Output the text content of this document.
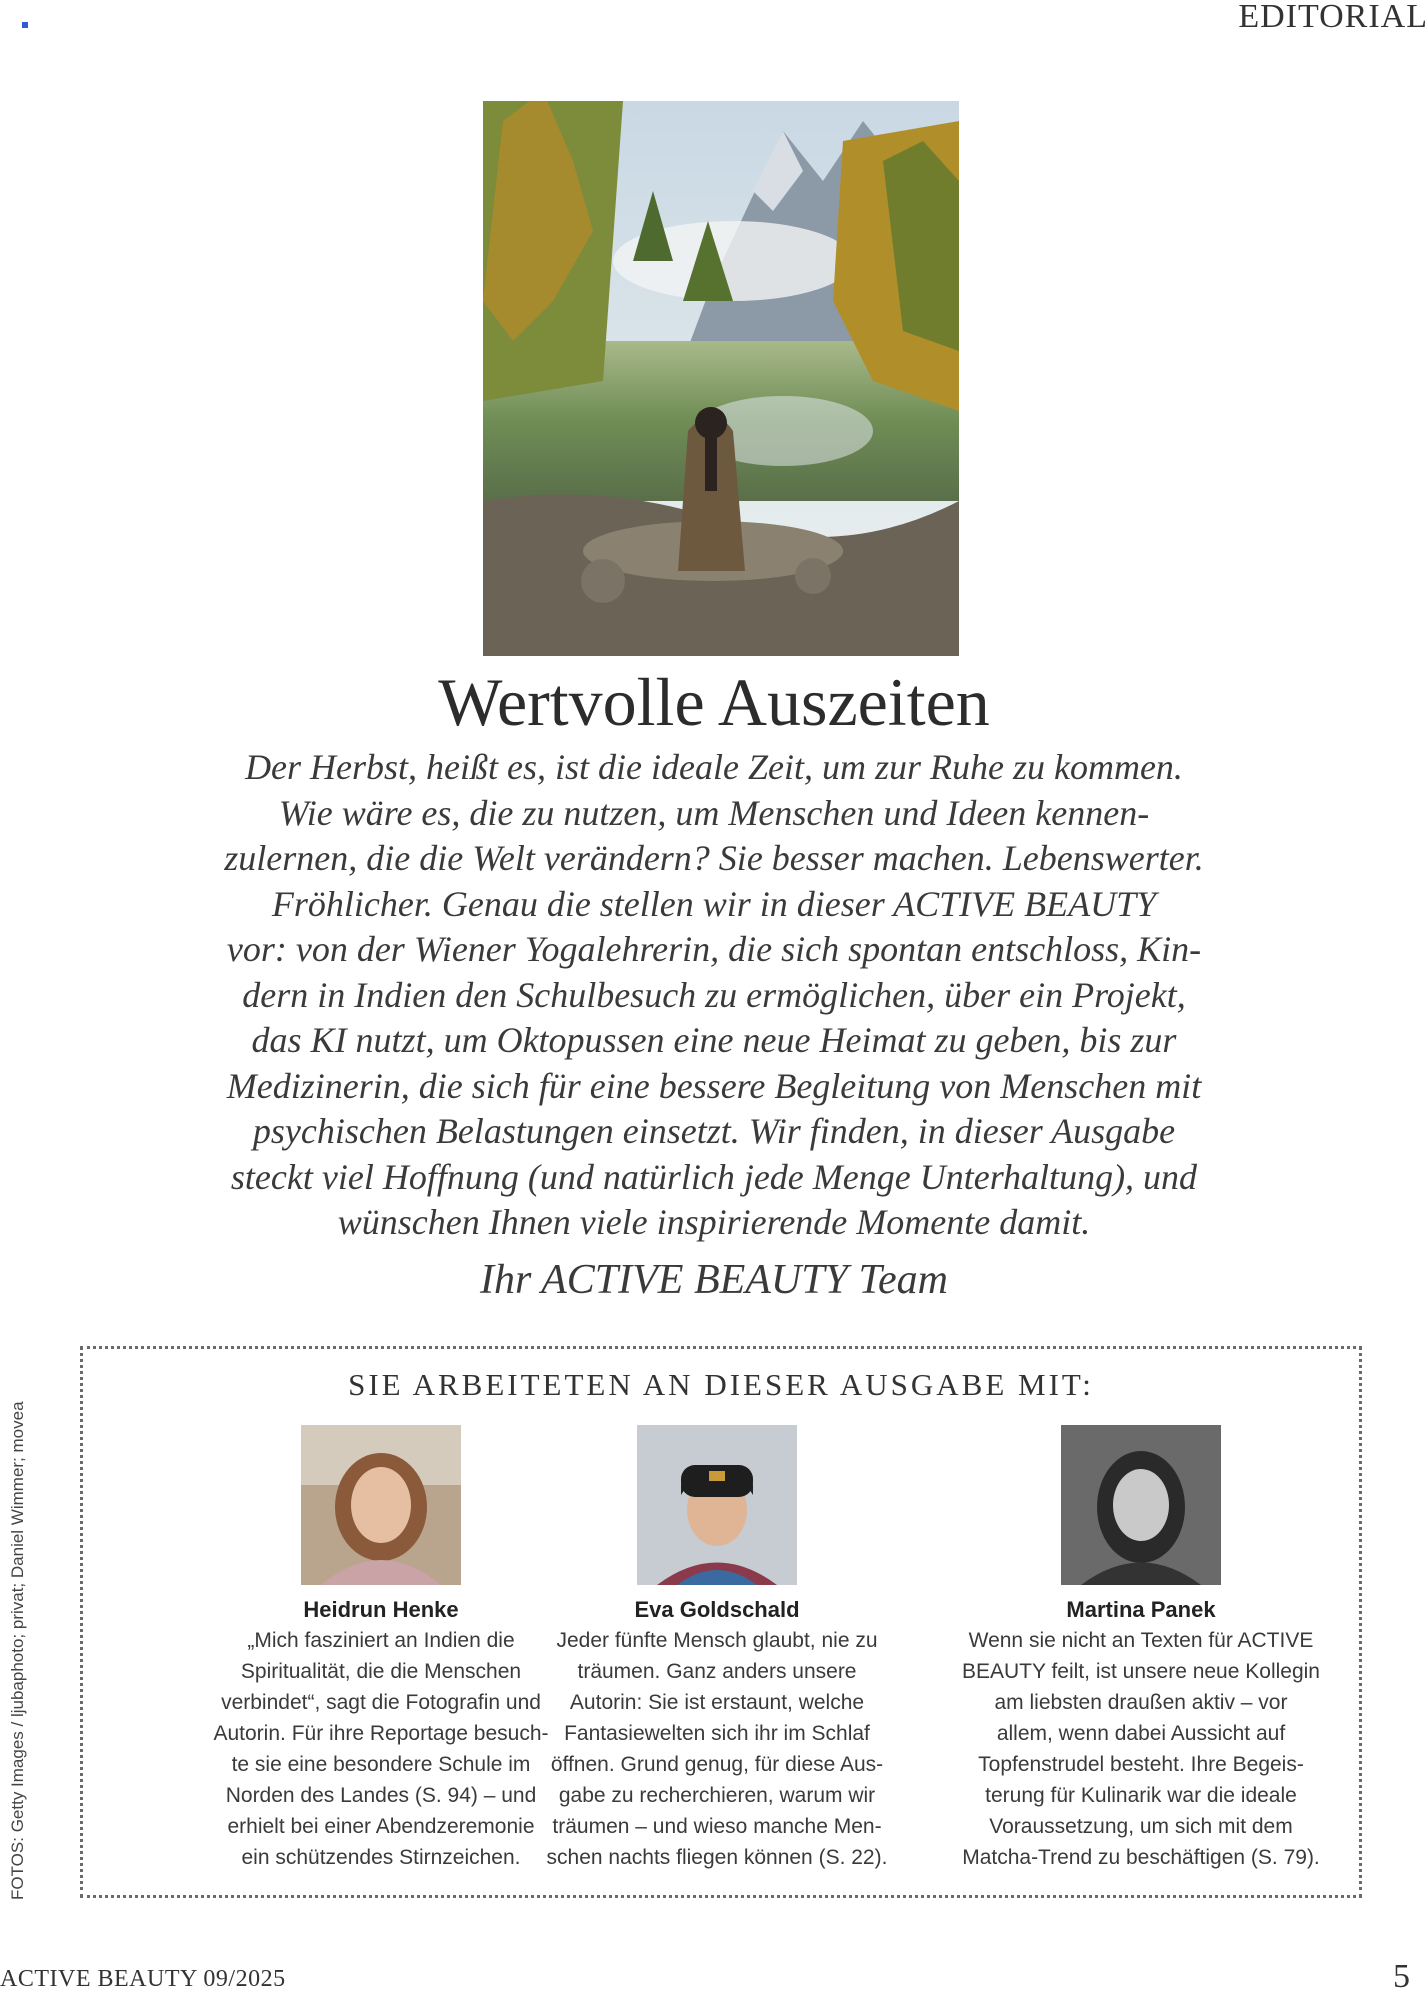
EDITORIAL
FOTOS: Getty Images / ljubaphoto; privat; Daniel Wimmer; movea
Wertvolle Auszeiten
Der Herbst, heißt es, ist die ideale Zeit, um zur Ruhe zu kommen.
Wie wäre es, die zu nutzen, um Menschen und Ideen kennen-
zulernen, die die Welt verändern? Sie besser machen. Lebenswerter.
Fröhlicher. Genau die stellen wir in dieser ACTIVE BEAUTY
vor: von der Wiener Yogalehrerin, die sich spontan entschloss, Kin-
dern in Indien den Schulbesuch zu ermöglichen, über ein Projekt,
das KI nutzt, um Oktopussen eine neue Heimat zu geben, bis zur
Medizinerin, die sich für eine bessere Begleitung von Menschen mit
psychischen Belastungen einsetzt. Wir finden, in dieser Ausgabe
steckt viel Hoffnung (und natürlich jede Menge Unterhaltung), und
wünschen Ihnen viele inspirierende Momente damit.
Ihr ACTIVE BEAUTY Team
SIE ARBEITETEN AN DIESER AUSGABE MIT:
Heidrun Henke
„Mich fasziniert an Indien die
Spiritualität, die die Menschen
verbindet“, sagt die Fotografin und
Autorin. Für ihre Reportage besuch-
te sie eine besondere Schule im
Norden des Landes (S. 94) – und
erhielt bei einer Abendzeremonie
ein schützendes Stirnzeichen.
Eva Goldschald
Jeder fünfte Mensch glaubt, nie zu
träumen. Ganz anders unsere
Autorin: Sie ist erstaunt, welche
Fantasiewelten sich ihr im Schlaf
öffnen. Grund genug, für diese Aus-
gabe zu recherchieren, warum wir
träumen – und wieso manche Men-
schen nachts fliegen können (S. 22).
Martina Panek
Wenn sie nicht an Texten für ACTIVE
BEAUTY feilt, ist unsere neue Kollegin
am liebsten draußen aktiv – vor
allem, wenn dabei Aussicht auf
Topfenstrudel besteht. Ihre Begeis-
terung für Kulinarik war die ideale
Voraussetzung, um sich mit dem
Matcha-Trend zu beschäftigen (S. 79).
ACTIVE BEAUTY 09/2025	5
